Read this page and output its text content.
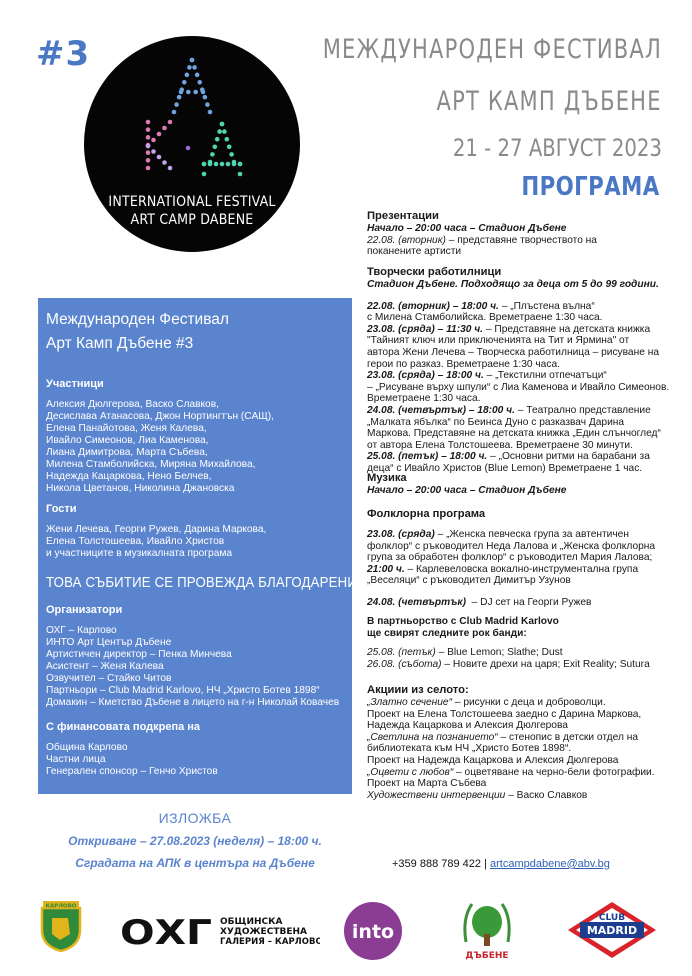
#3
INTERNATIONAL FESTIVAL
ART CAMP DABENE
МЕЖДУНАРОДЕН ФЕСТИВАЛ
АРТ КАМП ДЪБЕНЕ
21 - 27 АВГУСТ 2023
ПРОГРАМА
Международен Фестивал
Арт Камп Дъбене #3
Участници
Алексия Дюлгерова, Васко Славков,
Десислава Атанасова, Джон Нортингтън (САЩ),
Елена Панайотова, Женя Калева,
Ивайло Симеонов, Лиа Каменова,
Лиана Димитрова, Марта Събева,
Милена Стамболийска, Миряна Михайлова,
Надежда Кацаркова, Нено Белчев,
Никола Цветанов, Николина Джановска
Гости
Жени Лечева, Георги Ружев, Дарина Маркова,
Елена Толстошеева, Ивайло Христов
и участниците в музикалната програма
ТОВА СЪБИТИЕ СЕ ПРОВЕЖДА БЛАГОДАРЕНИЕ НА
Организатори
ОХГ – Карлово
ИНТО Арт Център Дъбене
Артистичен директор – Пенка Минчева
Асистент – Женя Калева
Озвучител – Стайко Читов
Партньори – Club Madrid Karlovo, НЧ „Христо Ботев 1898“
Домакин – Кметство Дъбене в лицето на г-н Николай Ковачев
С финансовата подкрепа на
Община Карлово
Частни лица
Генерален спонсор – Генчо Христов
Презентации
Начало – 20:00 часа – Стадион Дъбене
22.08. (вторник) – представяне творчеството на
поканените артисти
Творчески работилници
Стадион Дъбене. Подходящо за деца от 5 до 99 години.
22.08. (вторник) – 18:00 ч. – „Плъстена вълна“
с Милена Стамболийска. Времетраене 1:30 часа.
23.08. (сряда) – 11:30 ч. – Представяне на детската книжка
"Тайният ключ или приключенията на Тит и Ярмина" от
автора Жени Лечева – Творческа работилница – рисуване на
герои по разказ. Времетраене 1:30 часа.
23.08. (сряда) – 18:00 ч. – „Текстилни отпечатъци“
– „Рисуване върху шпули“ с Лиа Каменова и Ивайло Симеонов.
Времетраене 1:30 часа.
24.08. (четвъртък) – 18:00 ч. – Театрално представление
„Малката ябълка“ по Беинса Дуно с разказвач Дарина
Маркова. Представяне на детската книжка „Един слънчоглед“
от автора Елена Толстошеева. Времетраене 30 минути.
25.08. (петък) – 18:00 ч. – „Основни ритми на барабани за
деца“ с Ивайло Христов (Blue Lemon) Времетраене 1 час.
Музика
Начало – 20:00 часа – Стадион Дъбене
Фолклорна програма
23.08. (сряда) – „Женска певческа група за автентичен
фолклор“ с ръководител Неда Лалова и „Женска фолклорна
група за обработен фолклор“ с ръководител Мария Лалова;
21:00 ч. – Карлевеловска вокално-инструментална група
„Веселяци“ с ръководител Димитър Узунов
24.08. (четвъртък) – DJ сет на Георги Ружев
В партньорство с Club Madrid Karlovo
ще свирят следните рок банди:
25.08. (петък) – Blue Lemon; Slathe; Dust
26.08. (събота) – Новите дрехи на царя; Exit Reality; Sutura
Акциии из селото:
„Златно сечение“ – рисунки с деца и доброволци.
Проект на Елена Толстошеева заедно с Дарина Маркова,
Надежда Кацаркова и Алексия Дюлгерова
„Светлина на познанието“ – стенопис в детски отдел на
библиотеката към НЧ „Христо Ботев 1898“.
Проект на Надежда Кацаркова и Алексия Дюлгерова
„Оцвети с любов“ – оцветяване на черно-бели фотографии.
Проект на Марта Събева
Художествени интервенции – Васко Славков
ИЗЛОЖБА
Откриване – 27.08.2023 (неделя) – 18:00 ч.
Сградата на АПК в центъра на Дъбене	+359 888 789 422 | artcampdabene@abv.bg
КАРЛОВО
ОХГ ОБЩИНСКА
ХУДОЖЕСТВЕНА
ГАЛЕРИЯ – КАРЛОВО into
ДЪБЕНЕ
CLUB
MADRID
